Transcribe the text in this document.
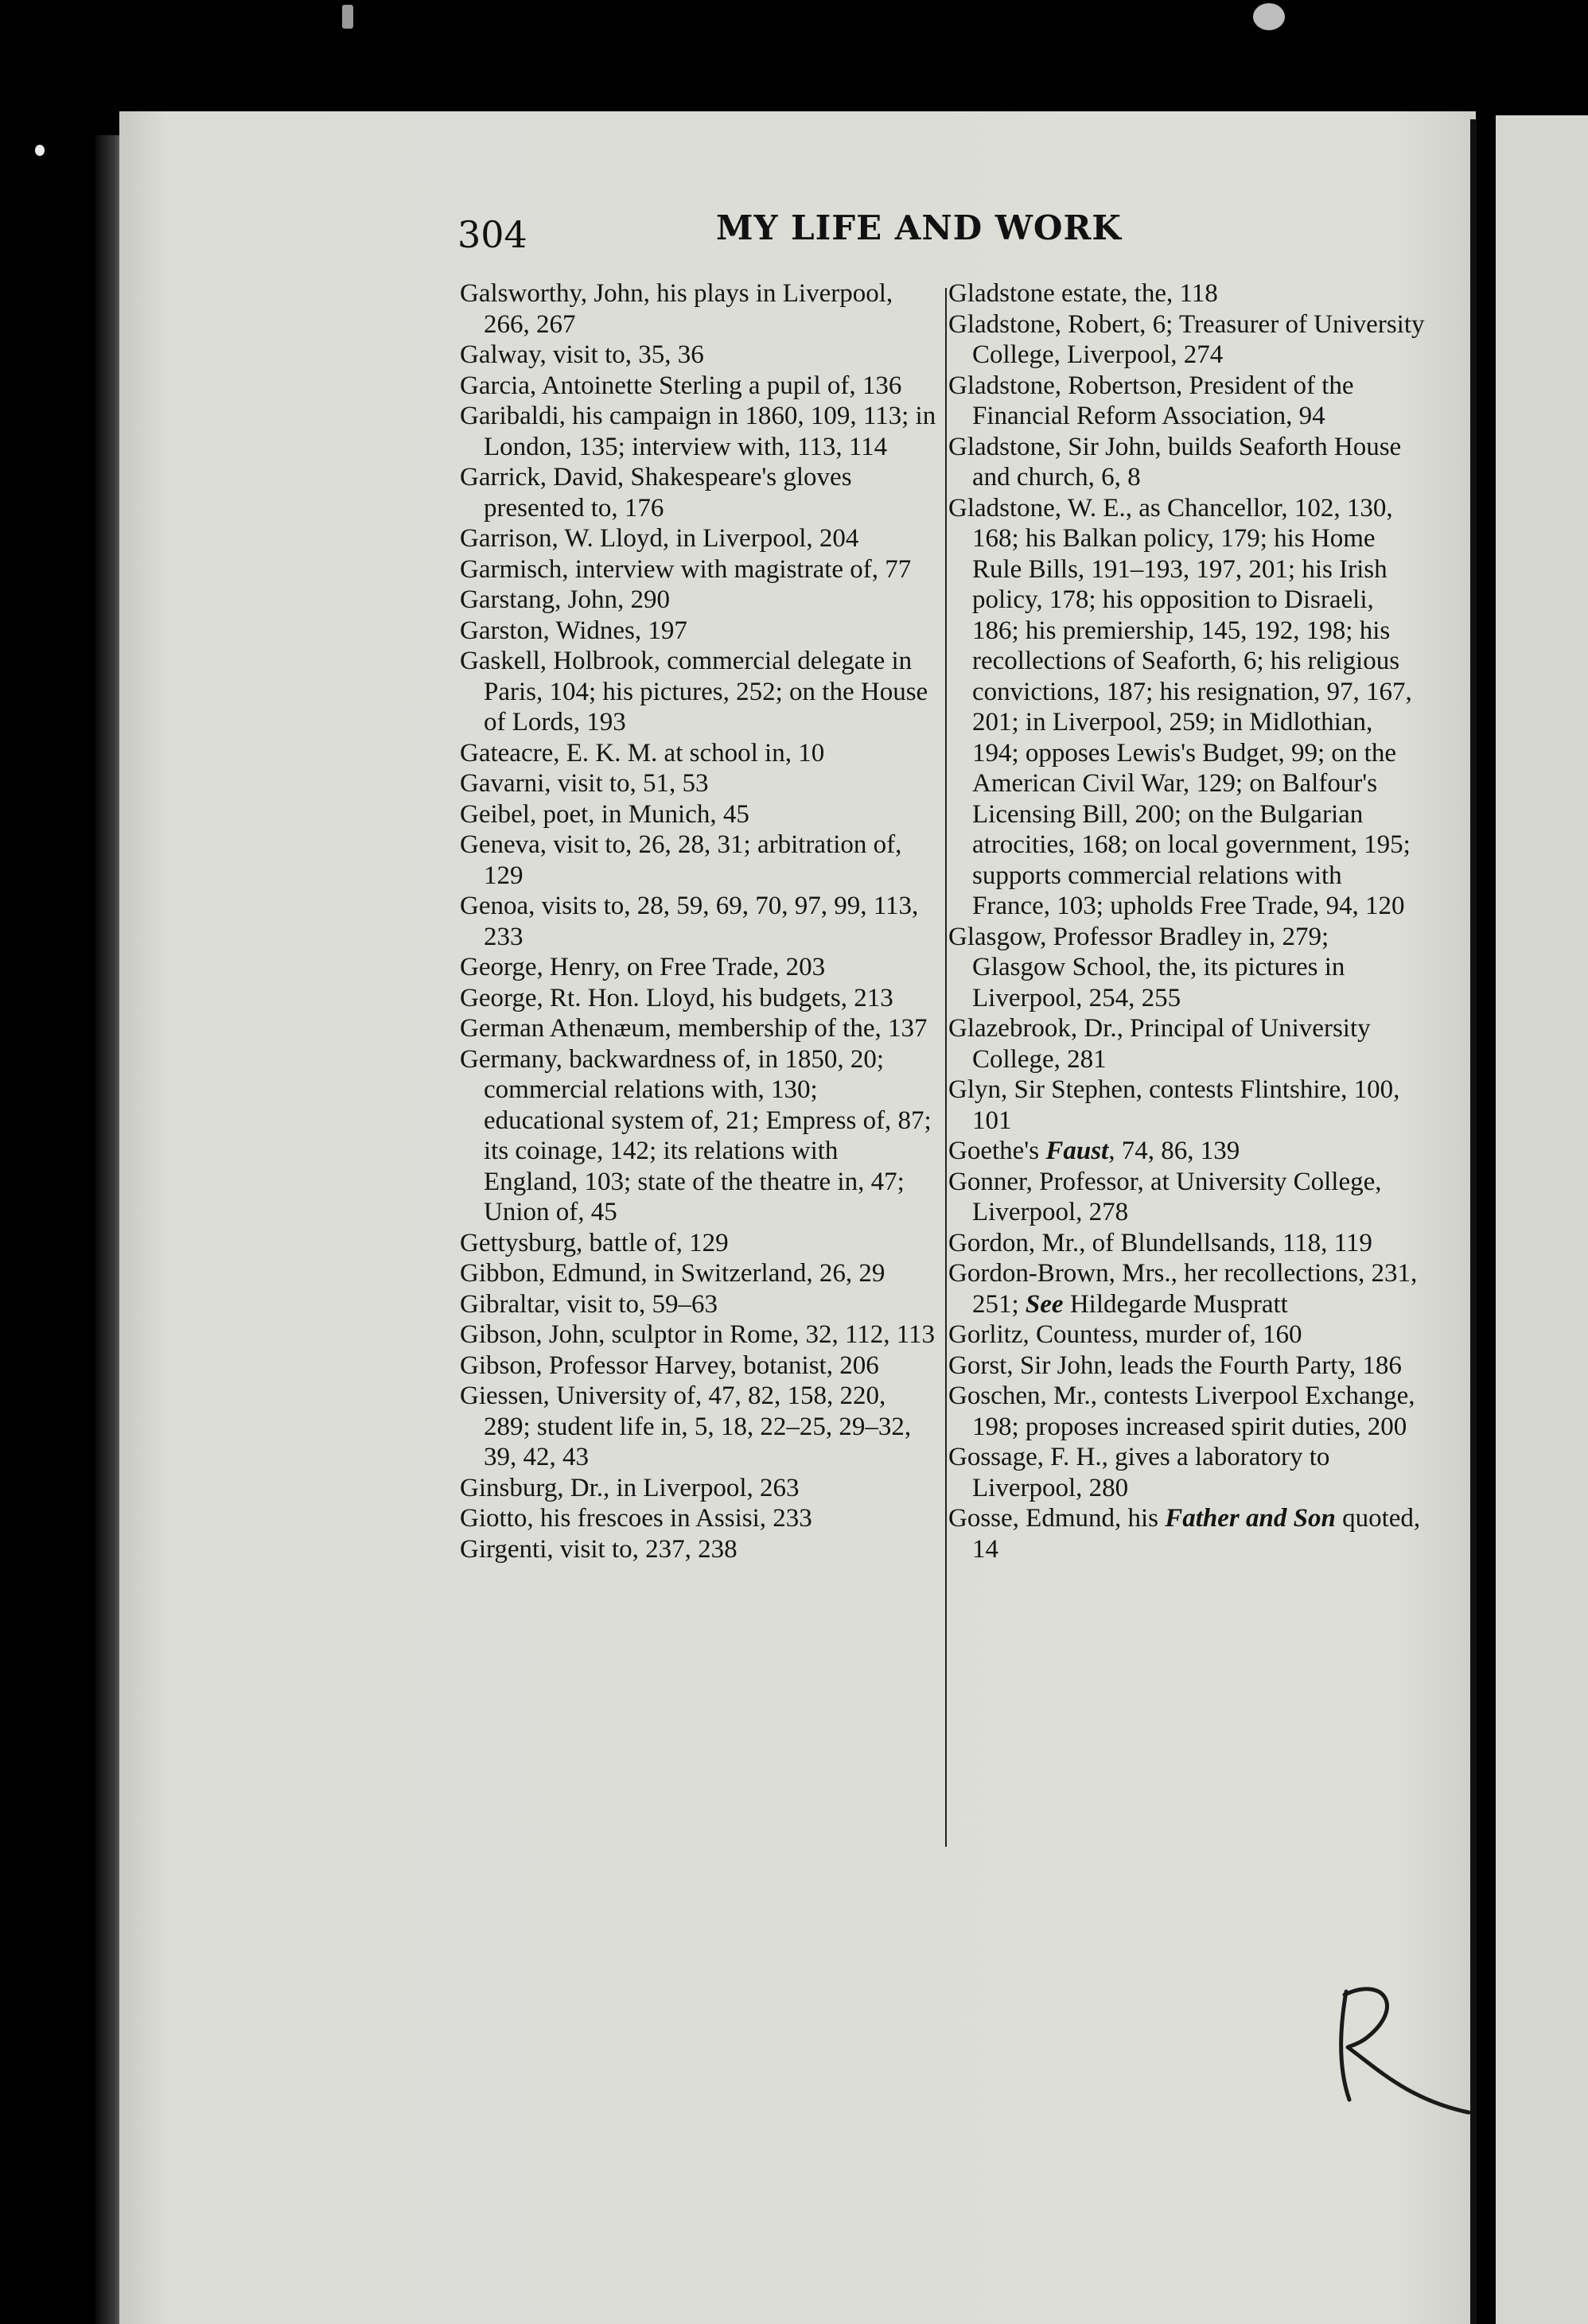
304	MY LIFE AND WORK

Galsworthy, John, his plays in Liverpool, 266, 267

Galway, visit to, 35, 36

Garcia, Antoinette Sterling a pupil of, 136

Garibaldi, his campaign in 1860, 109, 113; in London, 135; interview with, 113, 114

Garrick, David, Shakespeare's gloves presented to, 176

Garrison, W. Lloyd, in Liverpool, 204

Garmisch, interview with magistrate of, 77

Garstang, John, 290

Garston, Widnes, 197

Gaskell, Holbrook, commercial delegate in Paris, 104; his pictures, 252; on the House of Lords, 193

Gateacre, E. K. M. at school in, 10

Gavarni, visit to, 51, 53

Geibel, poet, in Munich, 45

Geneva, visit to, 26, 28, 31; arbitration of, 129

Genoa, visits to, 28, 59, 69, 70, 97, 99, 113, 233

George, Henry, on Free Trade, 203

George, Rt. Hon. Lloyd, his budgets, 213

German Athenæum, membership of the, 137

Germany, backwardness of, in 1850, 20; commercial relations with, 130; educational system of, 21; Empress of, 87; its coinage, 142; its relations with England, 103; state of the theatre in, 47; Union of, 45

Gettysburg, battle of, 129

Gibbon, Edmund, in Switzerland, 26, 29

Gibraltar, visit to, 59–63

Gibson, John, sculptor in Rome, 32, 112, 113

Gibson, Professor Harvey, botanist, 206

Giessen, University of, 47, 82, 158, 220, 289; student life in, 5, 18, 22–25, 29–32, 39, 42, 43

Ginsburg, Dr., in Liverpool, 263

Giotto, his frescoes in Assisi, 233

Girgenti, visit to, 237, 238

Gladstone estate, the, 118

Gladstone, Robert, 6; Treasurer of University College, Liverpool, 274

Gladstone, Robertson, President of the Financial Reform Association, 94

Gladstone, Sir John, builds Seaforth House and church, 6, 8

Gladstone, W. E., as Chancellor, 102, 130, 168; his Balkan policy, 179; his Home Rule Bills, 191–193, 197, 201; his Irish policy, 178; his opposition to Disraeli, 186; his premiership, 145, 192, 198; his recollections of Seaforth, 6; his religious convictions, 187; his resignation, 97, 167, 201; in Liverpool, 259; in Midlothian, 194; opposes Lewis's Budget, 99; on the American Civil War, 129; on Balfour's Licensing Bill, 200; on the Bulgarian atrocities, 168; on local government, 195; supports commercial relations with France, 103; upholds Free Trade, 94, 120

Glasgow, Professor Bradley in, 279; Glasgow School, the, its pictures in Liverpool, 254, 255

Glazebrook, Dr., Principal of University College, 281

Glyn, Sir Stephen, contests Flintshire, 100, 101

Goethe's Faust, 74, 86, 139

Gonner, Professor, at University College, Liverpool, 278

Gordon, Mr., of Blundellsands, 118, 119

Gordon-Brown, Mrs., her recollections, 231, 251; See Hildegarde Muspratt

Gorlitz, Countess, murder of, 160

Gorst, Sir John, leads the Fourth Party, 186

Goschen, Mr., contests Liverpool Exchange, 198; proposes increased spirit duties, 200

Gossage, F. H., gives a laboratory to Liverpool, 280

Gosse, Edmund, his Father and Son quoted, 14
